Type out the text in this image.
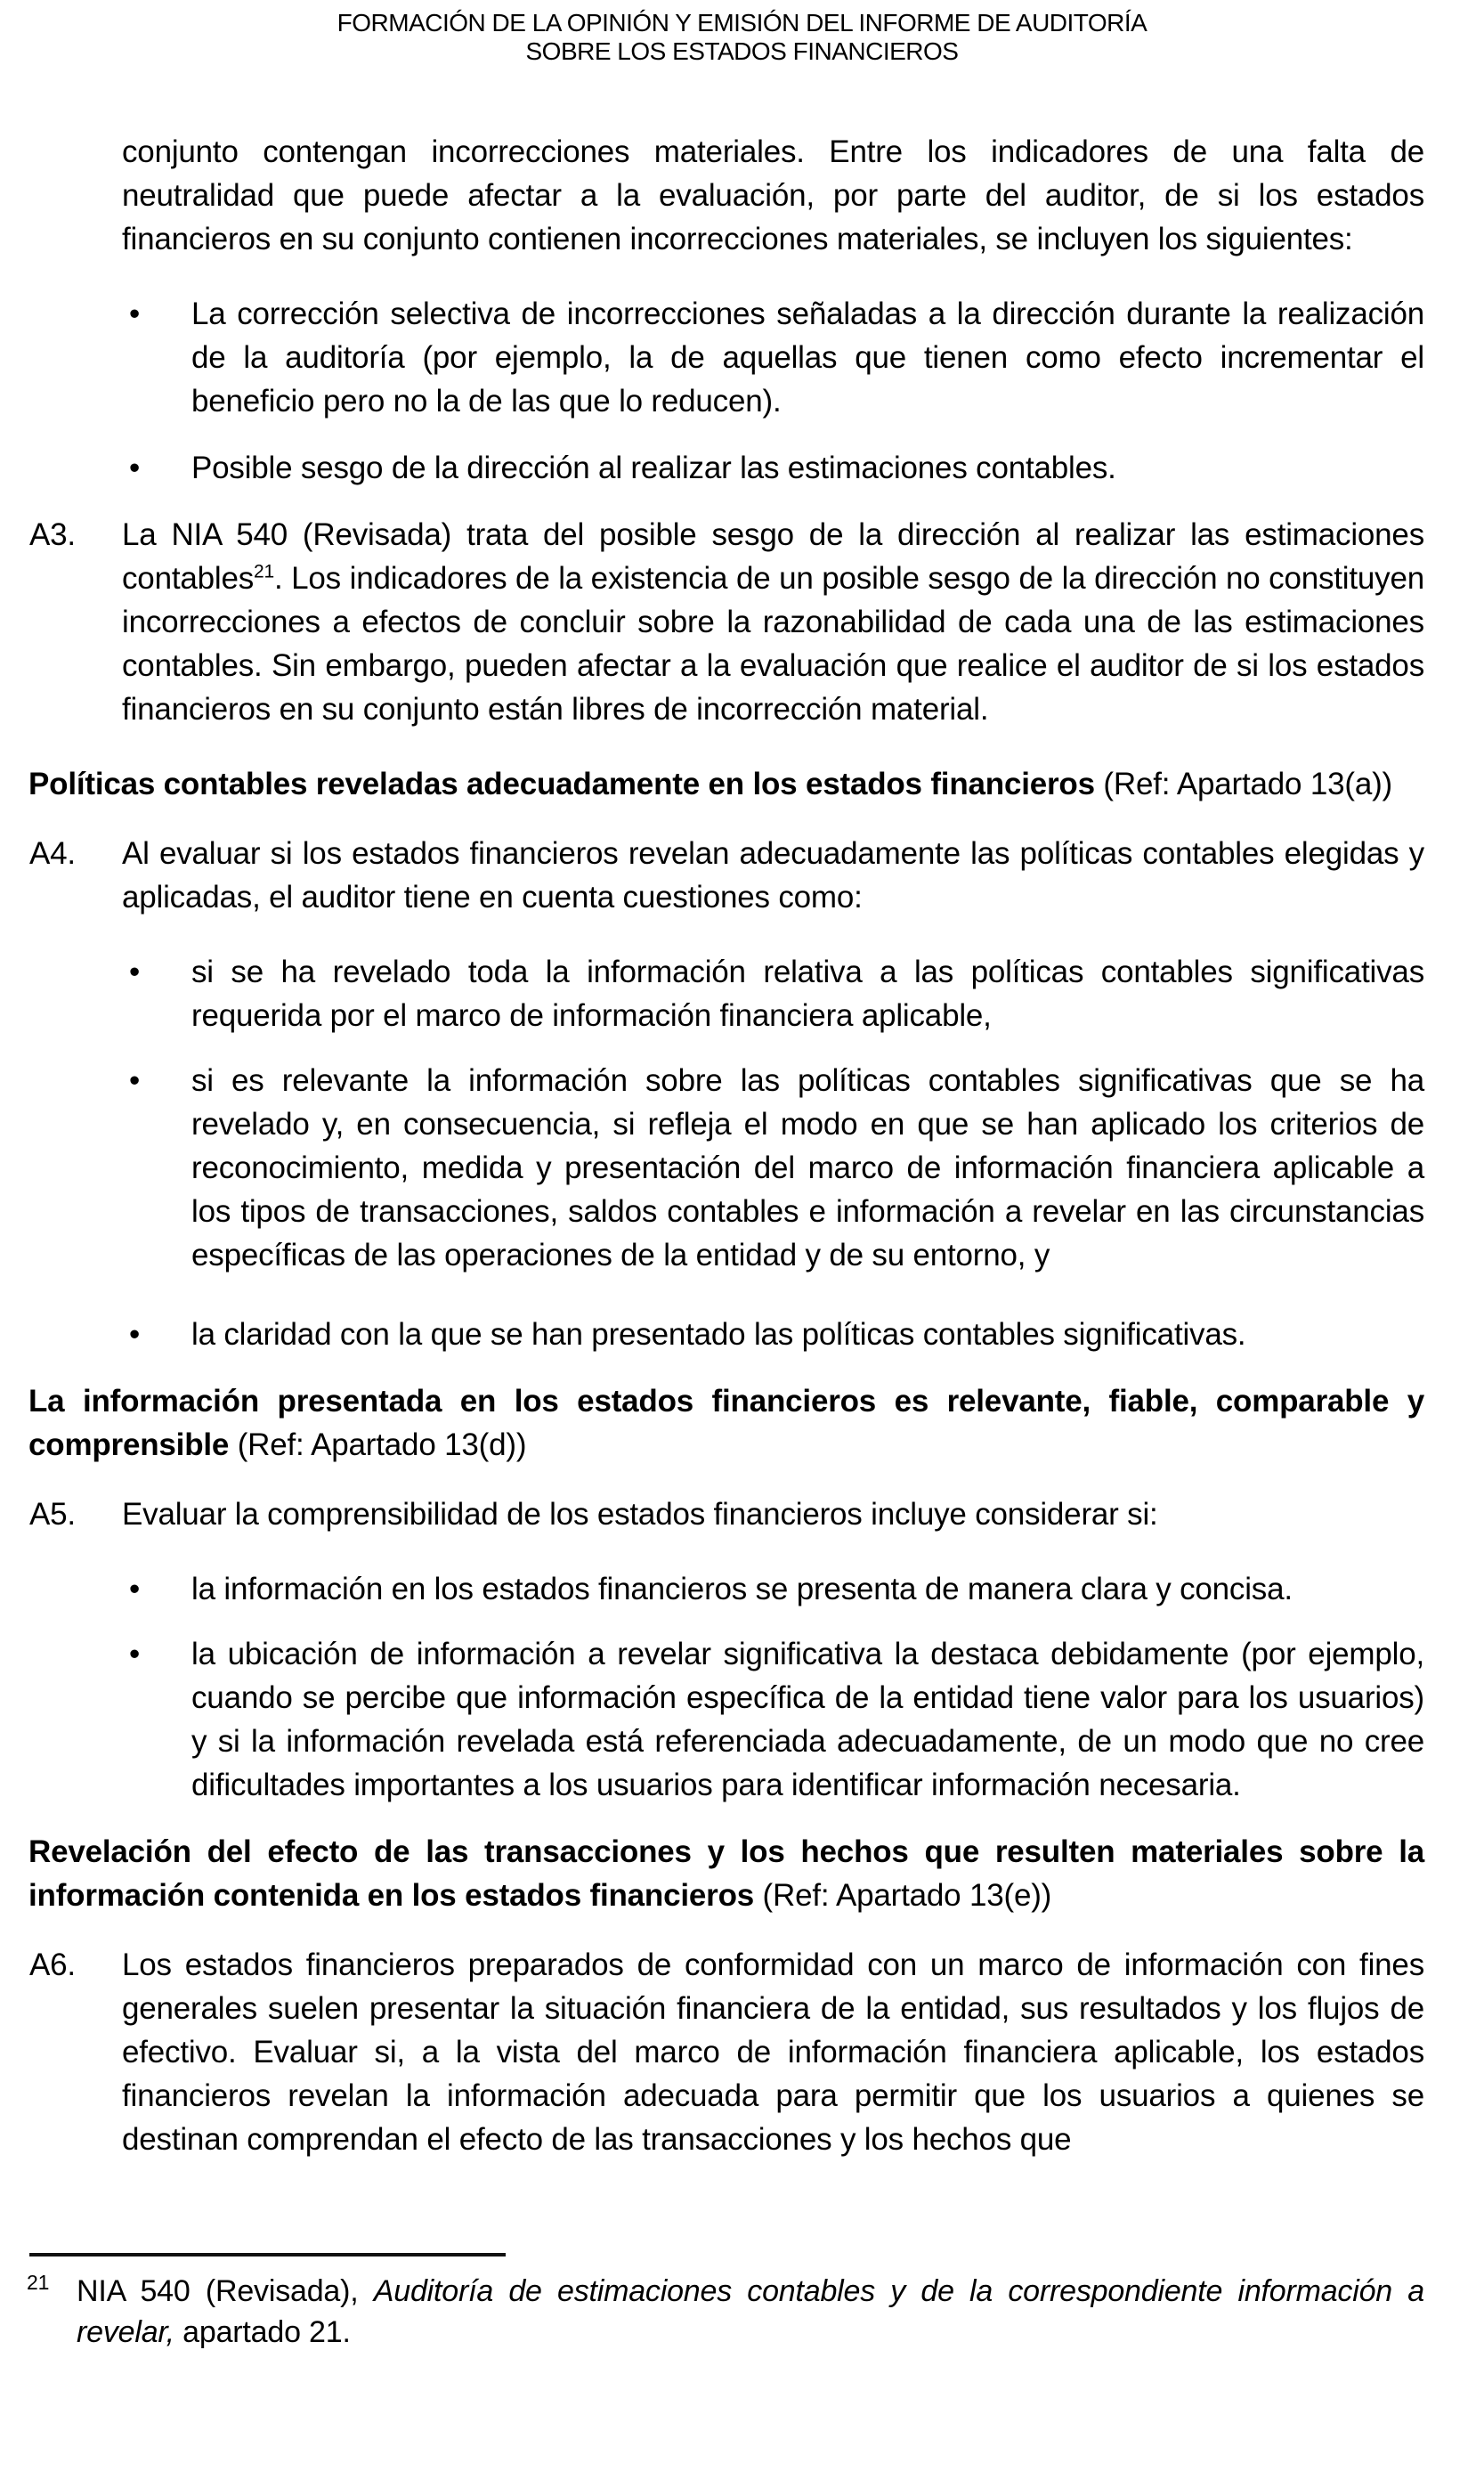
FORMACIÓN DE LA OPINIÓN Y EMISIÓN DEL INFORME DE AUDITORÍA
SOBRE LOS ESTADOS FINANCIEROS

conjunto contengan incorrecciones materiales. Entre los indicadores de una falta de neutralidad que puede afectar a la evaluación, por parte del auditor, de si los estados financieros en su conjunto contienen incorrecciones materiales, se incluyen los siguientes:

• La corrección selectiva de incorrecciones señaladas a la dirección durante la realización de la auditoría (por ejemplo, la de aquellas que tienen como efecto incrementar el beneficio pero no la de las que lo reducen).
• Posible sesgo de la dirección al realizar las estimaciones contables.

A3. La NIA 540 (Revisada) trata del posible sesgo de la dirección al realizar las estimaciones contables$^{21}$. Los indicadores de la existencia de un posible sesgo de la dirección no constituyen incorrecciones a efectos de concluir sobre la razonabilidad de cada una de las estimaciones contables. Sin embargo, pueden afectar a la evaluación que realice el auditor de si los estados financieros en su conjunto están libres de incorrección material.

Políticas contables reveladas adecuadamente en los estados financieros (Ref: Apartado 13(a))

A4. Al evaluar si los estados financieros revelan adecuadamente las políticas contables elegidas y aplicadas, el auditor tiene en cuenta cuestiones como:

• si se ha revelado toda la información relativa a las políticas contables significativas requerida por el marco de información financiera aplicable,
• si es relevante la información sobre las políticas contables significativas que se ha revelado y, en consecuencia, si refleja el modo en que se han aplicado los criterios de reconocimiento, medida y presentación del marco de información financiera aplicable a los tipos de transacciones, saldos contables e información a revelar en las circunstancias específicas de las operaciones de la entidad y de su entorno, y
• la claridad con la que se han presentado las políticas contables significativas.
La información presentada en los estados financieros es relevante, fiable, comparable y comprensible (Ref: Apartado 13(d))

A5. Evaluar la comprensibilidad de los estados financieros incluye considerar si:

• la información en los estados financieros se presenta de manera clara y concisa.
• la ubicación de información a revelar significativa la destaca debidamente (por ejemplo, cuando se percibe que información específica de la entidad tiene valor para los usuarios) y si la información revelada está referenciada adecuadamente, de un modo que no cree dificultades importantes a los usuarios para identificar información necesaria.
Revelación del efecto de las transacciones y los hechos que resulten materiales sobre la información contenida en los estados financieros (Ref: Apartado 13(e))

A6. Los estados financieros preparados de conformidad con un marco de información con fines generales suelen presentar la situación financiera de la entidad, sus resultados y los flujos de efectivo. Evaluar si, a la vista del marco de información financiera aplicable, los estados financieros revelan la información adecuada para permitir que los usuarios a quienes se destinan comprendan el efecto de las transacciones y los hechos que

21 NIA 540 (Revisada), Auditoría de estimaciones contables y de la correspondiente información a revelar, apartado 21.
